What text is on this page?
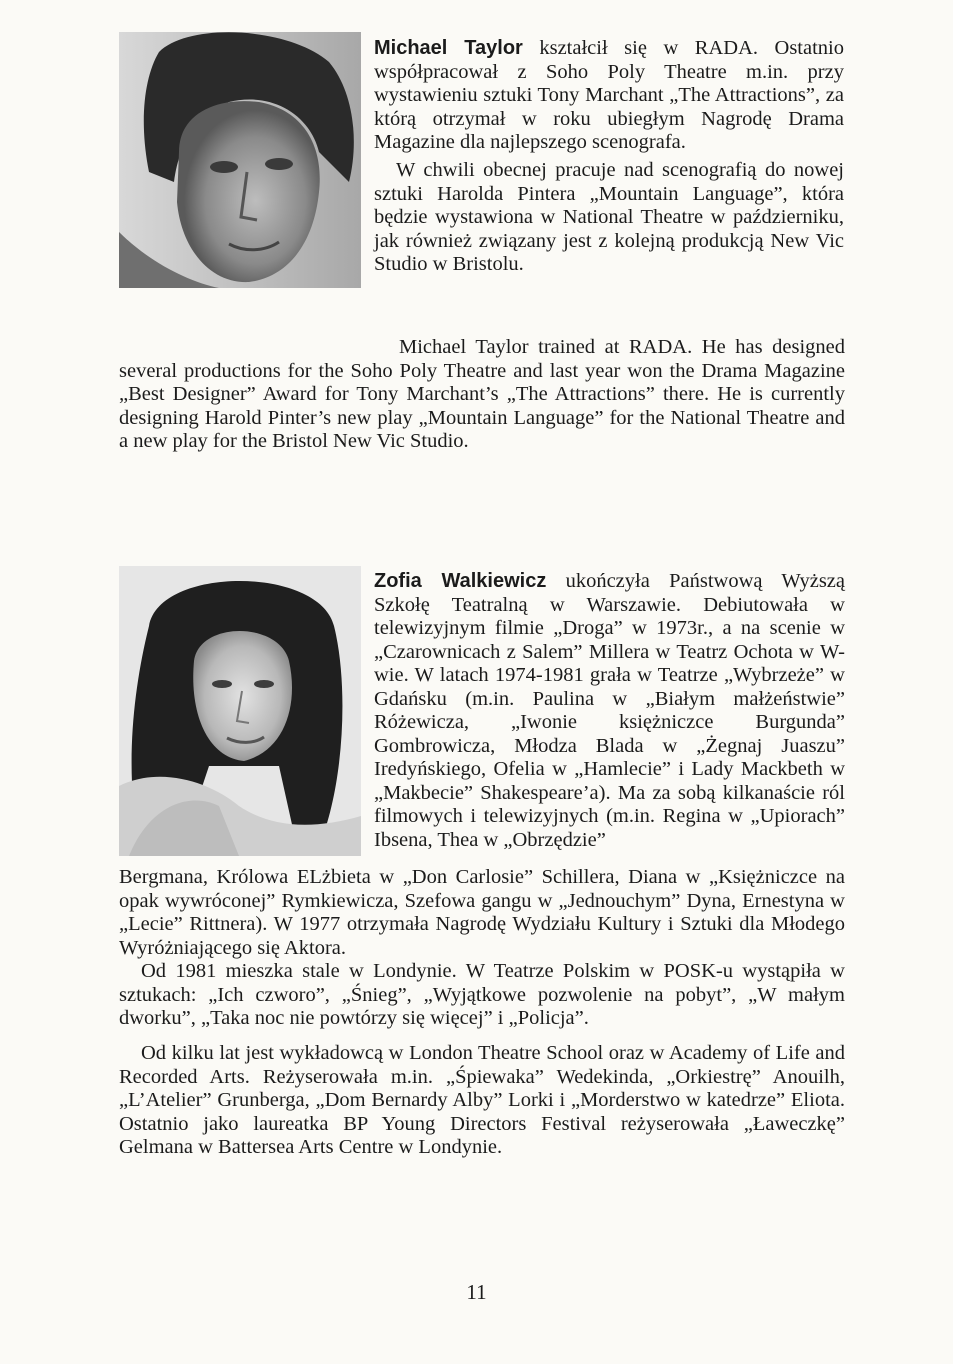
Michael Taylor kształcił się w RADA. Ostatnio współpracował z Soho Poly Theatre m.in. przy wystawieniu sztuki Tony Marchant „The Attractions”, za którą otrzymał w roku ubiegłym Nagrodę Drama Magazine dla najlepszego scenografa.

W chwili obecnej pracuje nad scenografią do nowej sztuki Harolda Pintera „Mountain Language”, która będzie wystawiona w National Theatre w październiku, jak również związany jest z kolejną produkcją New Vic Studio w Bristolu.

Michael Taylor trained at RADA. He has designed several productions for the Soho Poly Theatre and last year won the Drama Magazine „Best Designer” Award for Tony Marchant’s „The Attractions” there. He is currently designing Harold Pinter’s new play „Mountain Language” for the National Theatre and a new play for the Bristol New Vic Studio.

Zofia Walkiewicz ukończyła Państwową Wyższą Szkołę Teatralną w Warszawie. Debiutowała w telewizyjnym filmie „Droga” w 1973r., a na scenie w „Czarownicach z Salem” Millera w Teatrz Ochota w W-wie. W latach 1974-1981 grała w Teatrze „Wybrzeże” w Gdańsku (m.in. Paulina w „Białym małżeństwie” Różewicza, „Iwonie księżniczce Burgunda” Gombrowicza, Młodza Blada w „Żegnaj Juaszu” Iredyńskiego, Ofelia w „Hamlecie” i Lady Mackbeth w „Makbecie” Shakespeare’a). Ma za sobą kilkanaście ról filmowych i telewizyjnych (m.in. Regina w „Upiorach” Ibsena, Thea w „Obrzędzie”

Bergmana, Królowa ELżbieta w „Don Carlosie” Schillera, Diana w „Księżniczce na opak wywróconej” Rymkiewicza, Szefowa gangu w „Jednouchym” Dyna, Ernestyna w „Lecie” Rittnera). W 1977 otrzymała Nagrodę Wydziału Kultury i Sztuki dla Młodego Wyróżniającego się Aktora.

Od 1981 mieszka stale w Londynie. W Teatrze Polskim w POSK-u wystąpiła w sztukach: „Ich czworo”, „Śnieg”, „Wyjątkowe pozwolenie na pobyt”, „W małym dworku”, „Taka noc nie powtórzy się więcej” i „Policja”.

Od kilku lat jest wykładowcą w London Theatre School oraz w Academy of Life and Recorded Arts. Reżyserowała m.in. „Śpiewaka” Wedekinda, „Orkiestrę” Anouilh, „L’Atelier” Grunberga, „Dom Bernardy Alby” Lorki i „Morderstwo w katedrze” Eliota. Ostatnio jako laureatka BP Young Directors Festival reżyserowała „Ławeczkę” Gelmana w Battersea Arts Centre w Londynie.

11
